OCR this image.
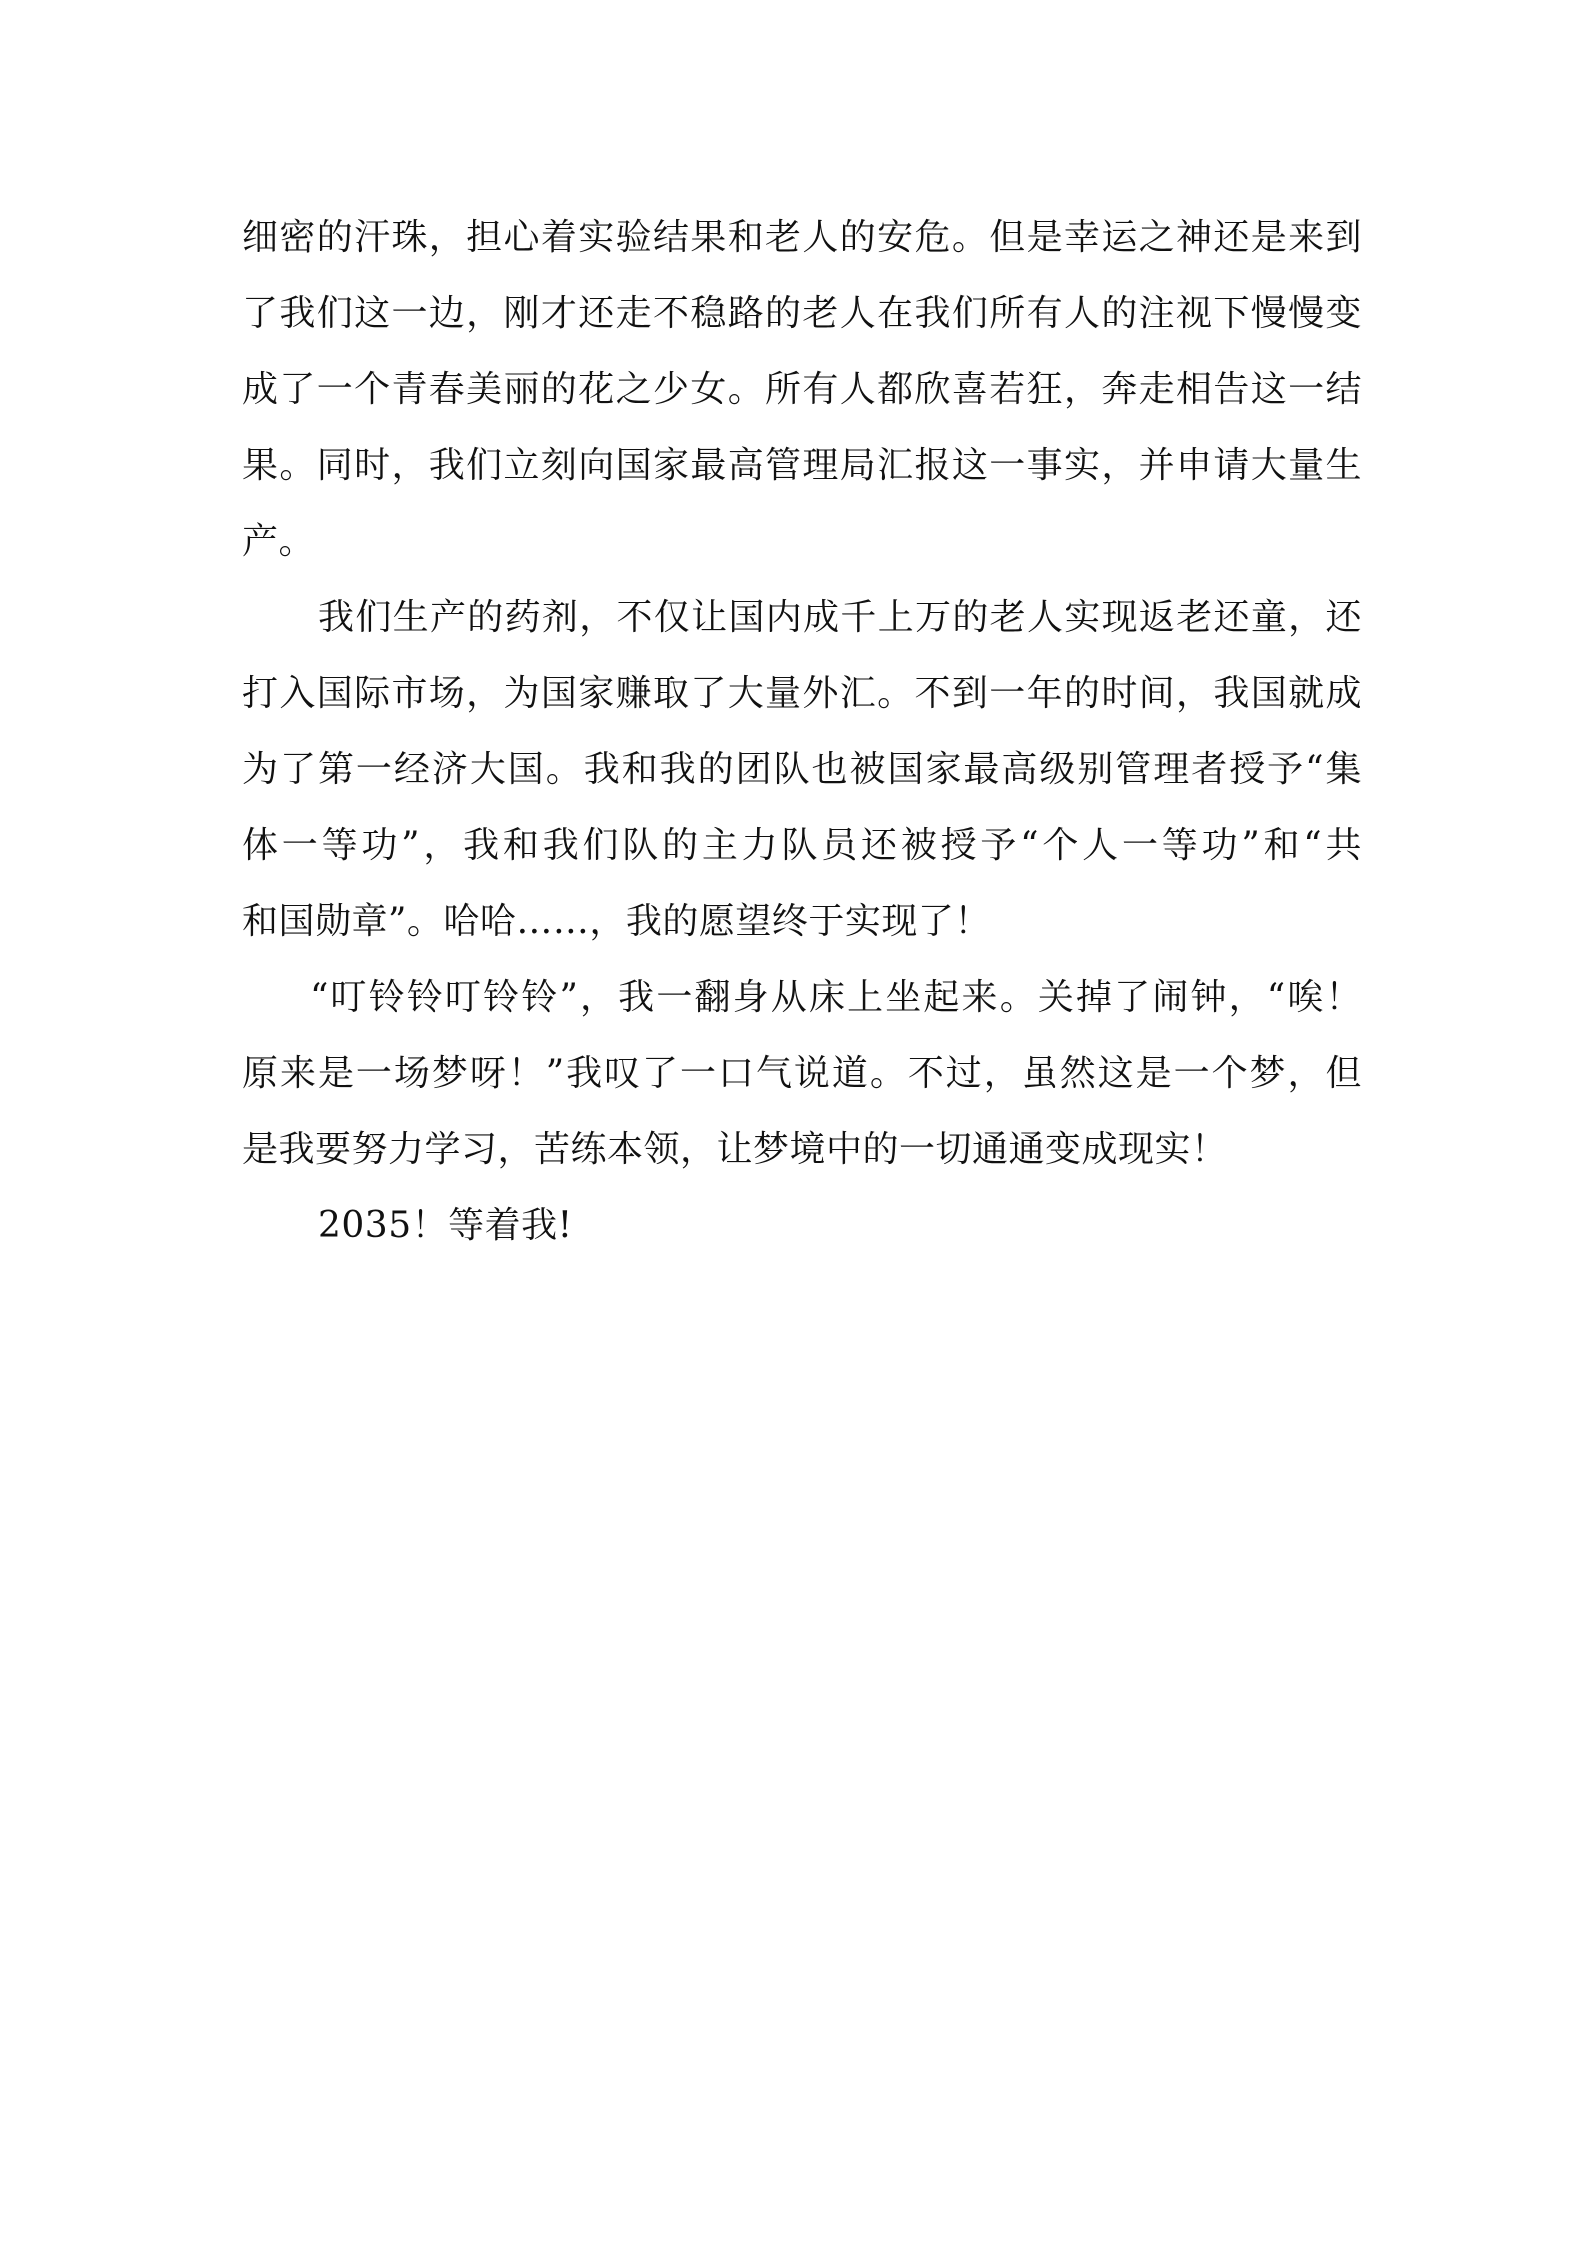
细密的汗珠，担心着实验结果和老人的安危。但是幸运之神还是来到
了我们这一边，刚才还走不稳路的老人在我们所有人的注视下慢慢变
成了一个青春美丽的花之少女。所有人都欣喜若狂，奔走相告这一结
果。同时，我们立刻向国家最高管理局汇报这一事实，并申请大量生
产。
我们生产的药剂，不仅让国内成千上万的老人实现返老还童，还
打入国际市场，为国家赚取了大量外汇。不到一年的时间，我国就成
为了第一经济大国。我和我的团队也被国家最高级别管理者授予“集
体一等功”，我和我们队的主力队员还被授予“个人一等功”和“共
和国勋章”。哈哈……，我的愿望终于实现了！
“叮铃铃叮铃铃”，我一翻身从床上坐起来。关掉了闹钟，“唉！
原来是一场梦呀！”我叹了一口气说道。不过，虽然这是一个梦，但
是我要努力学习，苦练本领，让梦境中的一切通通变成现实！
2035！等着我!
